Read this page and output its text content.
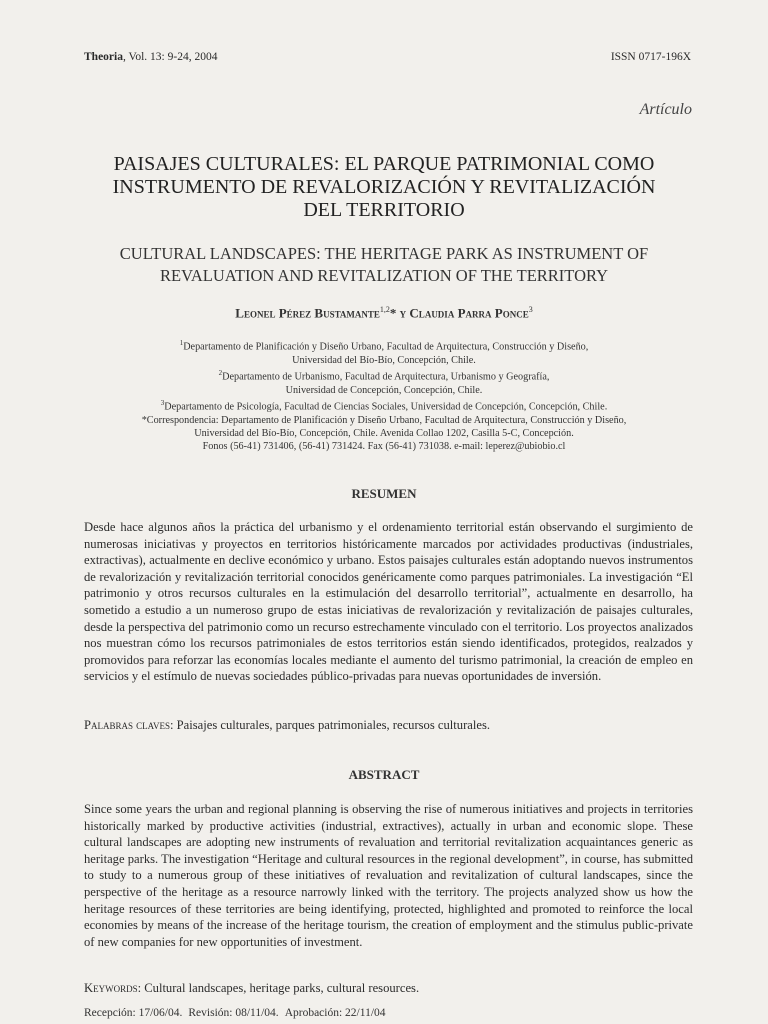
Theoria, Vol. 13: 9-24, 2004	ISSN 0717-196X
Artículo
PAISAJES CULTURALES: EL PARQUE PATRIMONIAL COMO
INSTRUMENTO DE REVALORIZACIÓN Y REVITALIZACIÓN
DEL TERRITORIO
CULTURAL LANDSCAPES: THE HERITAGE PARK AS INSTRUMENT OF
REVALUATION AND REVITALIZATION OF THE TERRITORY
Leonel Pérez Bustamante$^{1,2}$* y Claudia Parra Ponce$^3$
$^1$Departamento de Planificación y Diseño Urbano, Facultad de Arquitectura, Construcción y Diseño,
Universidad del Bío-Bío, Concepción, Chile.
$^2$Departamento de Urbanismo, Facultad de Arquitectura, Urbanismo y Geografía,
Universidad de Concepción, Concepción, Chile.
$^3$Departamento de Psicología, Facultad de Ciencias Sociales, Universidad de Concepción, Concepción, Chile.
*Correspondencia: Departamento de Planificación y Diseño Urbano, Facultad de Arquitectura, Construcción y Diseño,
Universidad del Bío-Bío, Concepción, Chile. Avenida Collao 1202, Casilla 5-C, Concepción.
Fonos (56-41) 731406, (56-41) 731424. Fax (56-41) 731038. e-mail: leperez@ubiobio.cl
RESUMEN
Desde hace algunos años la práctica del urbanismo y el ordenamiento territorial están observando el surgimiento de numerosas iniciativas y proyectos en territorios históricamente marcados por actividades productivas (industriales, extractivas), actualmente en declive económico y urbano. Estos paisajes culturales están adoptando nuevos instrumentos de revalorización y revitalización territorial conocidos genéricamente como parques patrimoniales. La investigación “El patrimonio y otros recursos culturales en la estimulación del desarrollo territorial”, actualmente en desarrollo, ha sometido a estudio a un numeroso grupo de estas iniciativas de revalorización y revitalización de paisajes culturales, desde la perspectiva del patrimonio como un recurso estrechamente vinculado con el territorio. Los proyectos analizados nos muestran cómo los recursos patrimoniales de estos territorios están siendo identificados, protegidos, realzados y promovidos para reforzar las economías locales mediante el aumento del turismo patrimonial, la creación de empleo en servicios y el estímulo de nuevas sociedades público-privadas para nuevas oportunidades de inversión.
Palabras claves: Paisajes culturales, parques patrimoniales, recursos culturales.
ABSTRACT
Since some years the urban and regional planning is observing the rise of numerous initiatives and projects in territories historically marked by productive activities (industrial, extractives), actually in urban and economic slope. These cultural landscapes are adopting new instruments of revaluation and territorial revitalization acquaintances generic as heritage parks. The investigation “Heritage and cultural resources in the regional development”, in course, has submitted to study to a numerous group of these initiatives of revaluation and revitalization of cultural landscapes, since the perspective of the heritage as a resource narrowly linked with the territory. The projects analyzed show us how the heritage resources of these territories are being identifying, protected, highlighted and promoted to reinforce the local economies by means of the increase of the heritage tourism, the creation of employment and the stimulus public-private of new companies for new opportunities of investment.
Keywords: Cultural landscapes, heritage parks, cultural resources.
Recepción: 17/06/04. Revisión: 08/11/04. Aprobación: 22/11/04
